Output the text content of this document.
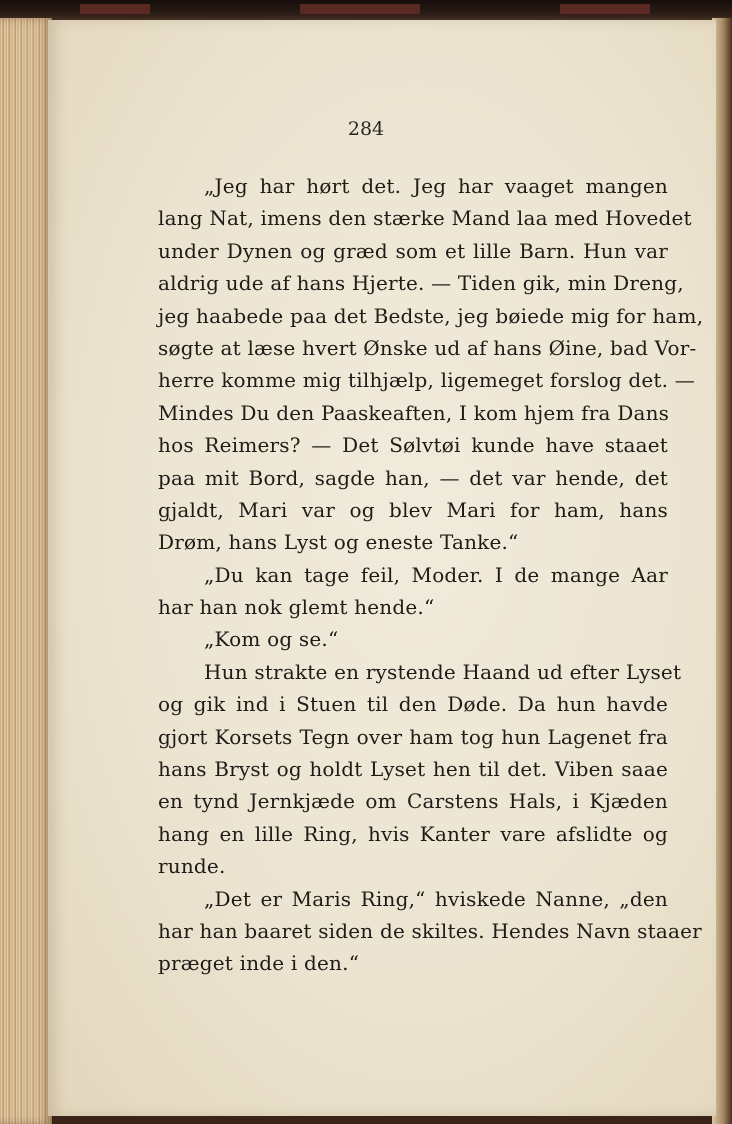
284
„Jeg har hørt det. Jeg har vaaget mangen
lang Nat, imens den stærke Mand laa med Hovedet
under Dynen og græd som et lille Barn. Hun var
aldrig ude af hans Hjerte. — Tiden gik, min Dreng,
jeg haabede paa det Bedste, jeg bøiede mig for ham,
søgte at læse hvert Ønske ud af hans Øine, bad Vor-
herre komme mig tilhjælp, ligemeget forslog det. —
Mindes Du den Paaskeaften, I kom hjem fra Dans
hos Reimers? — Det Sølvtøi kunde have staaet
paa mit Bord, sagde han, — det var hende, det
gjaldt, Mari var og blev Mari for ham, hans
Drøm, hans Lyst og eneste Tanke.“
„Du kan tage feil, Moder. I de mange Aar
har han nok glemt hende.“
„Kom og se.“
Hun strakte en rystende Haand ud efter Lyset
og gik ind i Stuen til den Døde. Da hun havde
gjort Korsets Tegn over ham tog hun Lagenet fra
hans Bryst og holdt Lyset hen til det. Viben saae
en tynd Jernkjæde om Carstens Hals, i Kjæden
hang en lille Ring, hvis Kanter vare afslidte og
runde.
„Det er Maris Ring,“ hviskede Nanne, „den
har han baaret siden de skiltes. Hendes Navn staaer
præget inde i den.“
